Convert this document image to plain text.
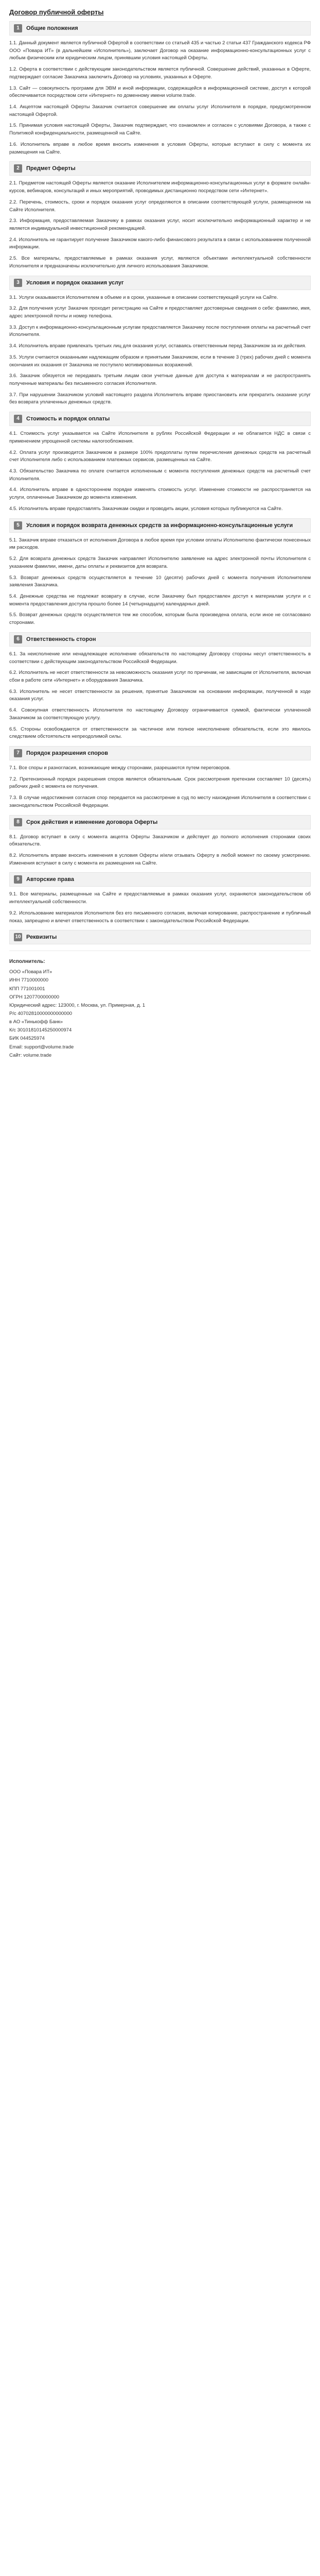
Договор публичной оферты
1	Общие положения

1.1. Данный документ является публичной Офертой в соответствии со статьей 435 и частью 2 статьи 437 Гражданского кодекса РФ ООО «Повара ИТ» (в дальнейшем «Исполнитель»), заключает Договор на оказание информационно-консультационных услуг с любым физическим или юридическим лицом, принявшим условия настоящей Оферты.

1.2. Оферта в соответствии с действующим законодательством является публичной. Совершение действий, указанных в Оферте, подтверждает согласие Заказчика заключить Договор на условиях, указанных в Оферте.

1.3. Сайт — совокупность программ для ЭВМ и иной информации, содержащейся в информационной системе, доступ к которой обеспечивается посредством сети «Интернет» по доменному имени volume.trade.

1.4. Акцептом настоящей Оферты Заказчик считается совершение им оплаты услуг Исполнителя в порядке, предусмотренном настоящей Офертой.

1.5. Принимая условия настоящей Оферты, Заказчик подтверждает, что ознакомлен и согласен с условиями Договора, а также с Политикой конфиденциальности, размещенной на Сайте.

1.6. Исполнитель вправе в любое время вносить изменения в условия Оферты, которые вступают в силу с момента их размещения на Сайте.

2	Предмет Оферты

2.1. Предметом настоящей Оферты является оказание Исполнителем информационно-консультационных услуг в формате онлайн-курсов, вебинаров, консультаций и иных мероприятий, проводимых дистанционно посредством сети «Интернет».

2.2. Перечень, стоимость, сроки и порядок оказания услуг определяются в описании соответствующей услуги, размещенном на Сайте Исполнителя.

2.3. Информация, предоставляемая Заказчику в рамках оказания услуг, носит исключительно информационный характер и не является индивидуальной инвестиционной рекомендацией.

2.4. Исполнитель не гарантирует получение Заказчиком какого-либо финансового результата в связи с использованием полученной информации.

2.5. Все материалы, предоставляемые в рамках оказания услуг, являются объектами интеллектуальной собственности Исполнителя и предназначены исключительно для личного использования Заказчиком.

3	Условия и порядок оказания услуг

3.1. Услуги оказываются Исполнителем в объеме и в сроки, указанные в описании соответствующей услуги на Сайте.

3.2. Для получения услуг Заказчик проходит регистрацию на Сайте и предоставляет достоверные сведения о себе: фамилию, имя, адрес электронной почты и номер телефона.

3.3. Доступ к информационно-консультационным услугам предоставляется Заказчику после поступления оплаты на расчетный счет Исполнителя.

3.4. Исполнитель вправе привлекать третьих лиц для оказания услуг, оставаясь ответственным перед Заказчиком за их действия.

3.5. Услуги считаются оказанными надлежащим образом и принятыми Заказчиком, если в течение 3 (трех) рабочих дней с момента окончания их оказания от Заказчика не поступило мотивированных возражений.

3.6. Заказчик обязуется не передавать третьим лицам свои учетные данные для доступа к материалам и не распространять полученные материалы без письменного согласия Исполнителя.

3.7. При нарушении Заказчиком условий настоящего раздела Исполнитель вправе приостановить или прекратить оказание услуг без возврата уплаченных денежных средств.

4	Стоимость и порядок оплаты

4.1. Стоимость услуг указывается на Сайте Исполнителя в рублях Российской Федерации и не облагается НДС в связи с применением упрощенной системы налогообложения.

4.2. Оплата услуг производится Заказчиком в размере 100% предоплаты путем перечисления денежных средств на расчетный счет Исполнителя либо с использованием платежных сервисов, размещенных на Сайте.

4.3. Обязательство Заказчика по оплате считается исполненным с момента поступления денежных средств на расчетный счет Исполнителя.

4.4. Исполнитель вправе в одностороннем порядке изменять стоимость услуг. Изменение стоимости не распространяется на услуги, оплаченные Заказчиком до момента изменения.

4.5. Исполнитель вправе предоставлять Заказчикам скидки и проводить акции, условия которых публикуются на Сайте.

5	Условия и порядок возврата денежных средств за информационно-консультационные услуги

5.1. Заказчик вправе отказаться от исполнения Договора в любое время при условии оплаты Исполнителю фактически понесенных им расходов.

5.2. Для возврата денежных средств Заказчик направляет Исполнителю заявление на адрес электронной почты Исполнителя с указанием фамилии, имени, даты оплаты и реквизитов для возврата.

5.3. Возврат денежных средств осуществляется в течение 10 (десяти) рабочих дней с момента получения Исполнителем заявления Заказчика.

5.4. Денежные средства не подлежат возврату в случае, если Заказчику был предоставлен доступ к материалам услуги и с момента предоставления доступа прошло более 14 (четырнадцати) календарных дней.

5.5. Возврат денежных средств осуществляется тем же способом, которым была произведена оплата, если иное не согласовано сторонами.

6	Ответственность сторон

6.1. За неисполнение или ненадлежащее исполнение обязательств по настоящему Договору стороны несут ответственность в соответствии с действующим законодательством Российской Федерации.

6.2. Исполнитель не несет ответственности за невозможность оказания услуг по причинам, не зависящим от Исполнителя, включая сбои в работе сети «Интернет» и оборудования Заказчика.

6.3. Исполнитель не несет ответственности за решения, принятые Заказчиком на основании информации, полученной в ходе оказания услуг.

6.4. Совокупная ответственность Исполнителя по настоящему Договору ограничивается суммой, фактически уплаченной Заказчиком за соответствующую услугу.

6.5. Стороны освобождаются от ответственности за частичное или полное неисполнение обязательств, если это явилось следствием обстоятельств непреодолимой силы.

7	Порядок разрешения споров

7.1. Все споры и разногласия, возникающие между сторонами, разрешаются путем переговоров.

7.2. Претензионный порядок разрешения споров является обязательным. Срок рассмотрения претензии составляет 10 (десять) рабочих дней с момента ее получения.

7.3. В случае недостижения согласия спор передается на рассмотрение в суд по месту нахождения Исполнителя в соответствии с законодательством Российской Федерации.

8	Срок действия и изменение договора Оферты

8.1. Договор вступает в силу с момента акцепта Оферты Заказчиком и действует до полного исполнения сторонами своих обязательств.

8.2. Исполнитель вправе вносить изменения в условия Оферты и/или отзывать Оферту в любой момент по своему усмотрению. Изменения вступают в силу с момента их размещения на Сайте.

9	Авторские права

9.1. Все материалы, размещенные на Сайте и предоставляемые в рамках оказания услуг, охраняются законодательством об интеллектуальной собственности.

9.2. Использование материалов Исполнителя без его письменного согласия, включая копирование, распространение и публичный показ, запрещено и влечет ответственность в соответствии с законодательством Российской Федерации.

10 Реквизиты
Исполнитель:

ООО «Повара ИТ»

ИНН 7710000000

КПП 771001001

ОГРН 1207700000000

Юридический адрес: 123000, г. Москва, ул. Примерная, д. 1

Р/с 40702810000000000000

в АО «Тинькофф Банк»

К/с 30101810145250000974

БИК 044525974

Email: support@volume.trade

Сайт: volume.trade
